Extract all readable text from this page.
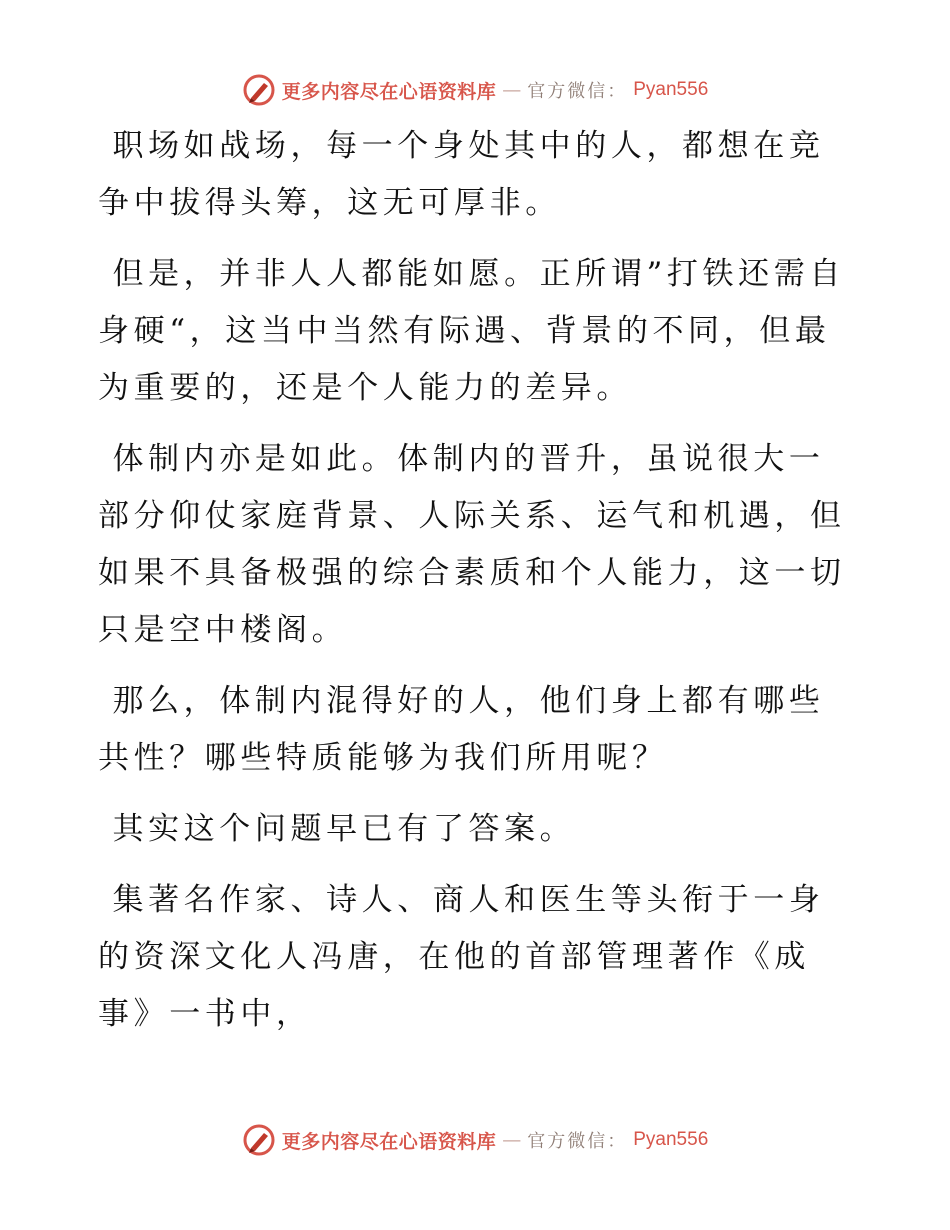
更多内容尽在心语资料库 — 官方微信： Pyan556

职场如战场，每一个身处其中的人，都想在竞争中拔得头筹，这无可厚非。

但是，并非人人都能如愿。正所谓”打铁还需自身硬“，这当中当然有际遇、背景的不同，但最为重要的，还是个人能力的差异。

体制内亦是如此。体制内的晋升，虽说很大一部分仰仗家庭背景、人际关系、运气和机遇，但如果不具备极强的综合素质和个人能力，这一切只是空中楼阁。

那么，体制内混得好的人，他们身上都有哪些共性？哪些特质能够为我们所用呢？

其实这个问题早已有了答案。

集著名作家、诗人、商人和医生等头衔于一身的资深文化人冯唐，在他的首部管理著作《成事》一书中，

更多内容尽在心语资料库 — 官方微信： Pyan556
